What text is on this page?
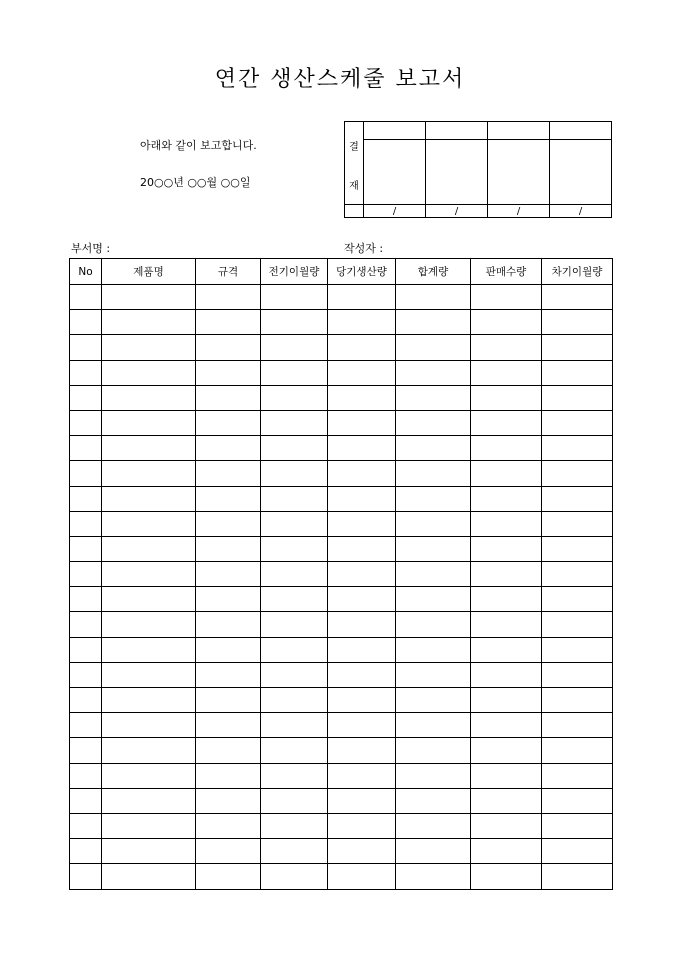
연간 생산스케줄 보고서
아래와 같이 보고합니다.
20○○년 ○○월 ○○일
결
재				

	/	/	/	/
부서명 :	작성자 :
No	제품명	규격	전기이월량	당기생산량	합계량	판매수량	차기이월량
